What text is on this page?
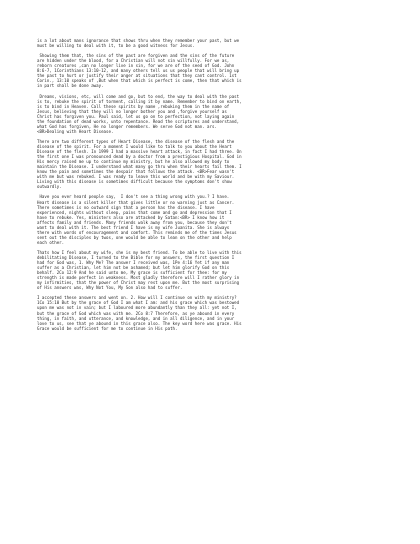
is a lot about mans ignorance that shows thru when they remember your past, but we
must be willing to deal with it, to be a good witness for Jesus.

Showing them that, the sins of the past are forgiven and the sins of the future
are hidden under the blood, for a Christian will not sin willfully. For we as,
reborn creatures ,can no longer live in sin, for we are of the seed of God. John
8:6-7, 1Corinthians 13:10-12, and many others tell us us people that will bring up
the past to hurt or justify their anger at situations that they cant control. 1st
Corin., 13:10 speaks of ,But when that which is perfect is come, then that which is
in part shall be done away.

Dreams, visions, etc, will come and go, but to end, the way to deal with the past
is to, rebuke the spirit of torment, calling it by name. Remember to bind on earth,
is to bind in Heaven. Call these spirits by name ,rebuking them in the name of
Jesus, believing that they will no longer bother you and ,forgive yourself as
Christ has forgiven you. Paul said, let us go on to perfection, not laying again
the foundation of dead works, unto repentance. Read the scriptures and understand,
what God has forgiven, He no longer remembers. We serve God not man. ars.
<BR>Dealing with Heart Disease.

There are two different types of Heart Disease, the disease of the flesh and the
disease of the spirit. For a moment I would like to talk to you about the Heart
Disease of the flesh. In 1999 I had a massive heart attack, in fact I had three. On
the first one I was pronounced dead by a doctor from a prestigious Hospital. God in
His mercy raised me up to continue my ministry, but he also allowed my body to
maintain the Disease. I understand what many go thru when their hearts fail them. I
know the pain and sometimes the despair that follows the attack. <BR>Fear wasn't
with me but was rebuked. I was ready to leave this world and be with my Saviour.
Living with this disease is sometimes difficult because the symptoms don't show
outwardly.

Have you ever heard people say,  I don't see a thing wrong with you.? I have.
Heart disease is a silent killer that gives little or no warning just as Cancer.
There sometimes is no outward sign that a person has the disease. I have
experienced, nights without sleep, pains that come and go and depression that I
have to rebuke. Yes, ministers also are attacked by Satan:<BR> I know how it
affects family and friends. Many friends walk away from you, because they don't
want to deal with it. The best friend I have is my wife Juanita. She is always
there with words of encouragement and comfort. This reminds me of the times Jesus
sent out the disciples by twos, one would be able to lean on the other and help
each other.

Thats how I feel about my wife, she is my best friend. To be able to live with this
debilitating Disease, I turned to the Bible for my answers, the first question I
had for God was, 1. Why Me? The answer I received was, 1Pe 4:16 Yet if any man
suffer as a Christian, let him not be ashamed; but let him glorify God on this
behalf. 2Co 12:9 And he said unto me, My grace is sufficient for thee: for my
strength is made perfect in weakness. Most gladly therefore will I rather glory in
my infirmities, that the power of Christ may rest upon me. But the most surprising
of His answers was, Why Not You, My Son also had to suffer.

I accepted these answers and went on. 2. How will I continue on with my ministry?
1Co 15:10 But by the grace of God I am what I am: and his grace which was bestowed
upon me was not in vain; but I laboured more abundantly than they all: yet not I,
but the grace of God which was with me. 2Co 8:7 Therefore, as ye abound in every
thing, in faith, and utterance, and knowledge, and in all diligence, and in your
love to us, see that ye abound in this grace also. The key word here was grace. His
Grace would be sufficient for me to continue in His path.
